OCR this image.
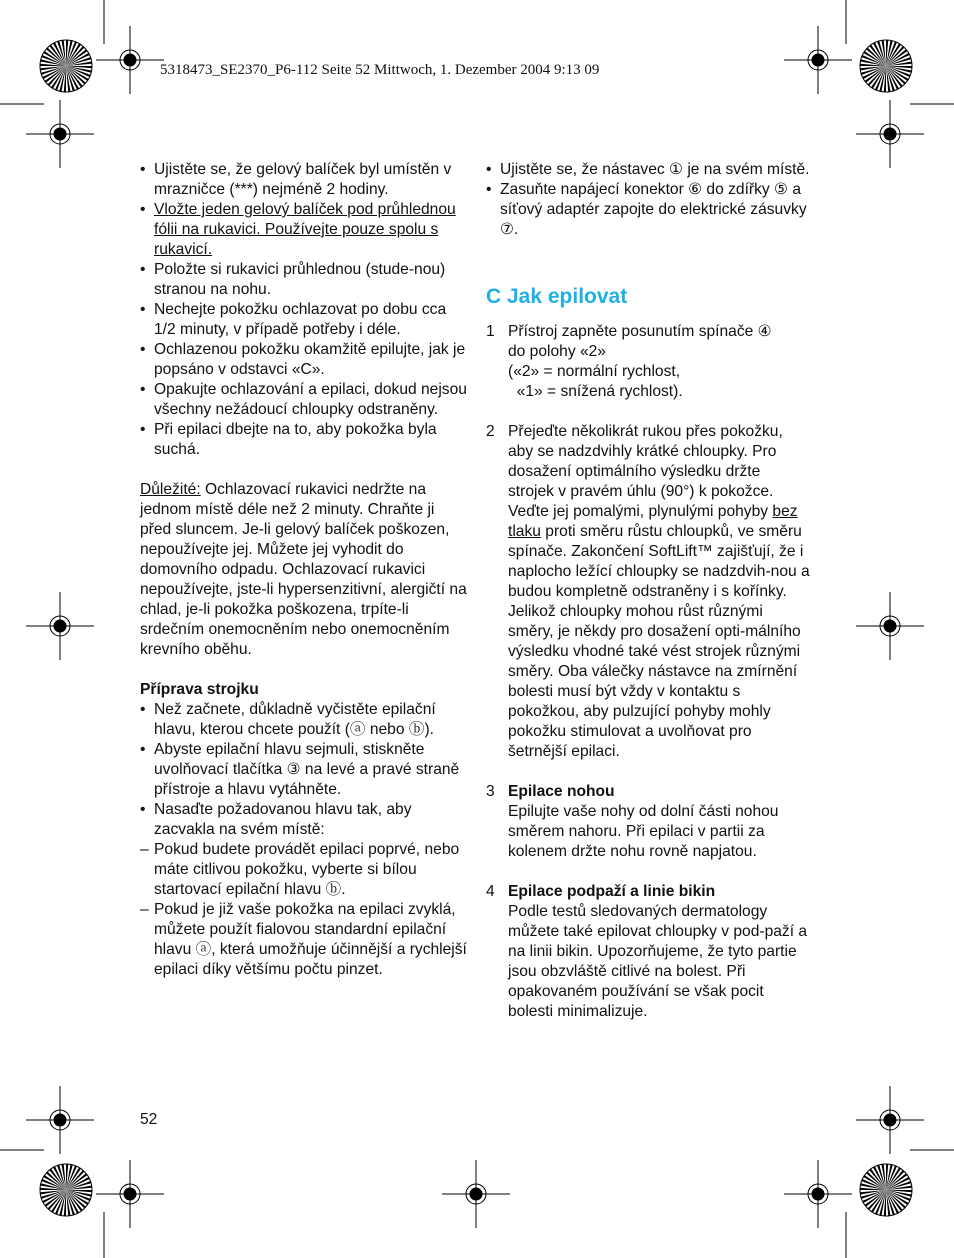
5318473_SE2370_P6-112 Seite 52 Mittwoch, 1. Dezember 2004 9:13 09
• Ujistěte se, že gelový balíček byl umístěn v mrazničce (***) nejméně 2 hodiny.
• Vložte jeden gelový balíček pod průhlednou fólii na rukavici. Používejte pouze spolu s rukavicí.
• Položte si rukavici průhlednou (stude-nou) stranou na nohu.
• Nechejte pokožku ochlazovat po dobu cca 1/2 minuty, v případě potřeby i déle.
• Ochlazenou pokožku okamžitě epilujte, jak je popsáno v odstavci «C».
• Opakujte ochlazování a epilaci, dokud nejsou všechny nežádoucí chloupky odstraněny.
• Při epilaci dbejte na to, aby pokožka byla suchá.

Důležité: Ochlazovací rukavici nedržte na jednom místě déle než 2 minuty. Chraňte ji před sluncem. Je-li gelový balíček poškozen, nepoužívejte jej. Můžete jej vyhodit do domovního odpadu. Ochlazovací rukavici nepoužívejte, jste-li hypersenzitivní, alergičtí na chlad, je-li pokožka poškozena, trpíte-li srdečním onemocněním nebo onemocněním krevního oběhu.

Příprava strojku

• Než začnete, důkladně vyčistěte epilační hlavu, kterou chcete použít (ⓐ nebo ⓑ).
• Abyste epilační hlavu sejmuli, stiskněte uvolňovací tlačítka ③ na levé a pravé straně přístroje a hlavu vytáhněte.
• Nasaďte požadovanou hlavu tak, aby zacvakla na svém místě:
– Pokud budete provádět epilaci poprvé, nebo máte citlivou pokožku, vyberte si bílou startovací epilační hlavu ⓑ.
– Pokud je již vaše pokožka na epilaci zvyklá, můžete použít fialovou standardní epilační hlavu ⓐ, která umožňuje účinnější a rychlejší epilaci díky většímu počtu pinzet.
• Ujistěte se, že nástavec ① je na svém místě.
• Zasuňte napájecí konektor ⑥ do zdířky ⑤ a síťový adaptér zapojte do elektrické zásuvky ⑦.
C Jak epilovat
1 Přístroj zapněte posunutím spínače ④
do polohy «2»
(«2» = normální rychlost,
«1» = snížená rychlost).
2 Přejeďte několikrát rukou přes pokožku, aby se nadzdvihly krátké chloupky. Pro dosažení optimálního výsledku držte strojek v pravém úhlu (90°) k pokožce. Veďte jej pomalými, plynulými pohyby bez tlaku proti směru růstu chloupků, ve směru spínače. Zakončení SoftLift™ zajišťují, že i naplocho ležící chloupky se nadzdvih-nou a budou kompletně odstraněny i s kořínky.

Jelikož chloupky mohou růst různými směry, je někdy pro dosažení opti-málního výsledku vhodné také vést strojek různými směry. Oba válečky nástavce na zmírnění bolesti musí být vždy v kontaktu s pokožkou, aby pulzující pohyby mohly pokožku stimulovat a uvolňovat pro šetrnější epilaci.

3 Epilace nohou

Epilujte vaše nohy od dolní části nohou směrem nahoru. Při epilaci v partii za kolenem držte nohu rovně napjatou.

4 Epilace podpaží a linie bikin

Podle testů sledovaných dermatology můžete také epilovat chloupky v pod-paží a na linii bikin. Upozorňujeme, že tyto partie jsou obzvláště citlivé na bolest. Při opakovaném používání se však pocit bolesti minimalizuje.

52
